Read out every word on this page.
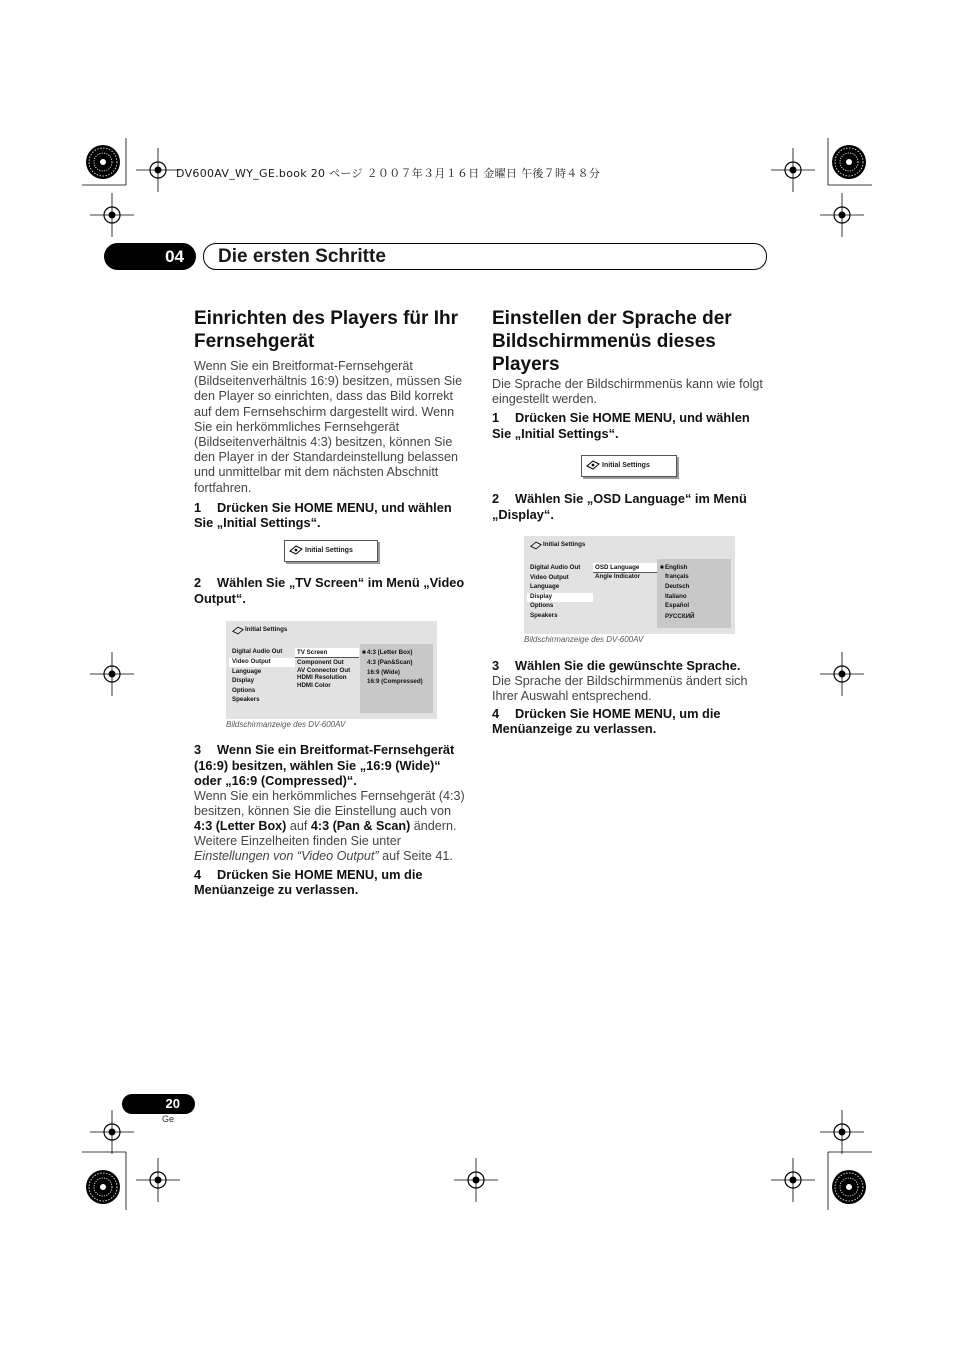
DV600AV_WY_GE.book 20 ページ ２００７年３月１６日 金曜日 午後７時４８分
04	Die ersten Schritte
Einrichten des Players für Ihr Fernsehgerät

Wenn Sie ein Breitformat-Fernsehgerät (Bildseitenverhältnis 16:9) besitzen, müssen Sie den Player so einrichten, dass das Bild korrekt auf dem Fernsehschirm dargestellt wird. Wenn Sie ein herkömmliches Fernsehgerät (Bildseitenverhältnis 4:3) besitzen, können Sie den Player in der Standardeinstellung belassen und unmittelbar mit dem nächsten Abschnitt fortfahren.

1 Drücken Sie HOME MENU, und wählen Sie „Initial Settings“.

Initial Settings

2 Wählen Sie „TV Screen“ im Menü „Video Output“.

Initial Settings
Digital Audio Out
Video Output
Language
Display
Options
Speakers
TV Screen
Component Out
AV Connector Out
HDMI Resolution
HDMI Color
■ 4:3 (Letter Box)
4:3 (Pan&Scan)
16:9 (Wide)
16:9 (Compressed)
Bildschirmanzeige des DV-600AV

3 Wenn Sie ein Breitformat-Fernsehgerät (16:9) besitzen, wählen Sie „16:9 (Wide)“ oder „16:9 (Compressed)“.

Wenn Sie ein herkömmliches Fernsehgerät (4:3) besitzen, können Sie die Einstellung auch von 4:3 (Letter Box) auf 4:3 (Pan & Scan) ändern. Weitere Einzelheiten finden Sie unter Einstellungen von “Video Output” auf Seite 41.

4 Drücken Sie HOME MENU, um die Menüanzeige zu verlassen.

Einstellen der Sprache der Bildschirmmenüs dieses Players

Die Sprache der Bildschirmmenüs kann wie folgt eingestellt werden.

1 Drücken Sie HOME MENU, und wählen Sie „Initial Settings“.

Initial Settings

2 Wählen Sie „OSD Language“ im Menü „Display“.

Initial Settings
Digital Audio Out
Video Output
Language
Display
Options
Speakers
OSD Language
Angle Indicator
■ English
français
Deutsch
Italiano
Español
РУССКИЙ
Bildschirmanzeige des DV-600AV

3 Wählen Sie die gewünschte Sprache.

Die Sprache der Bildschirmmenüs ändert sich Ihrer Auswahl entsprechend.

4 Drücken Sie HOME MENU, um die Menüanzeige zu verlassen.

20
Ge
